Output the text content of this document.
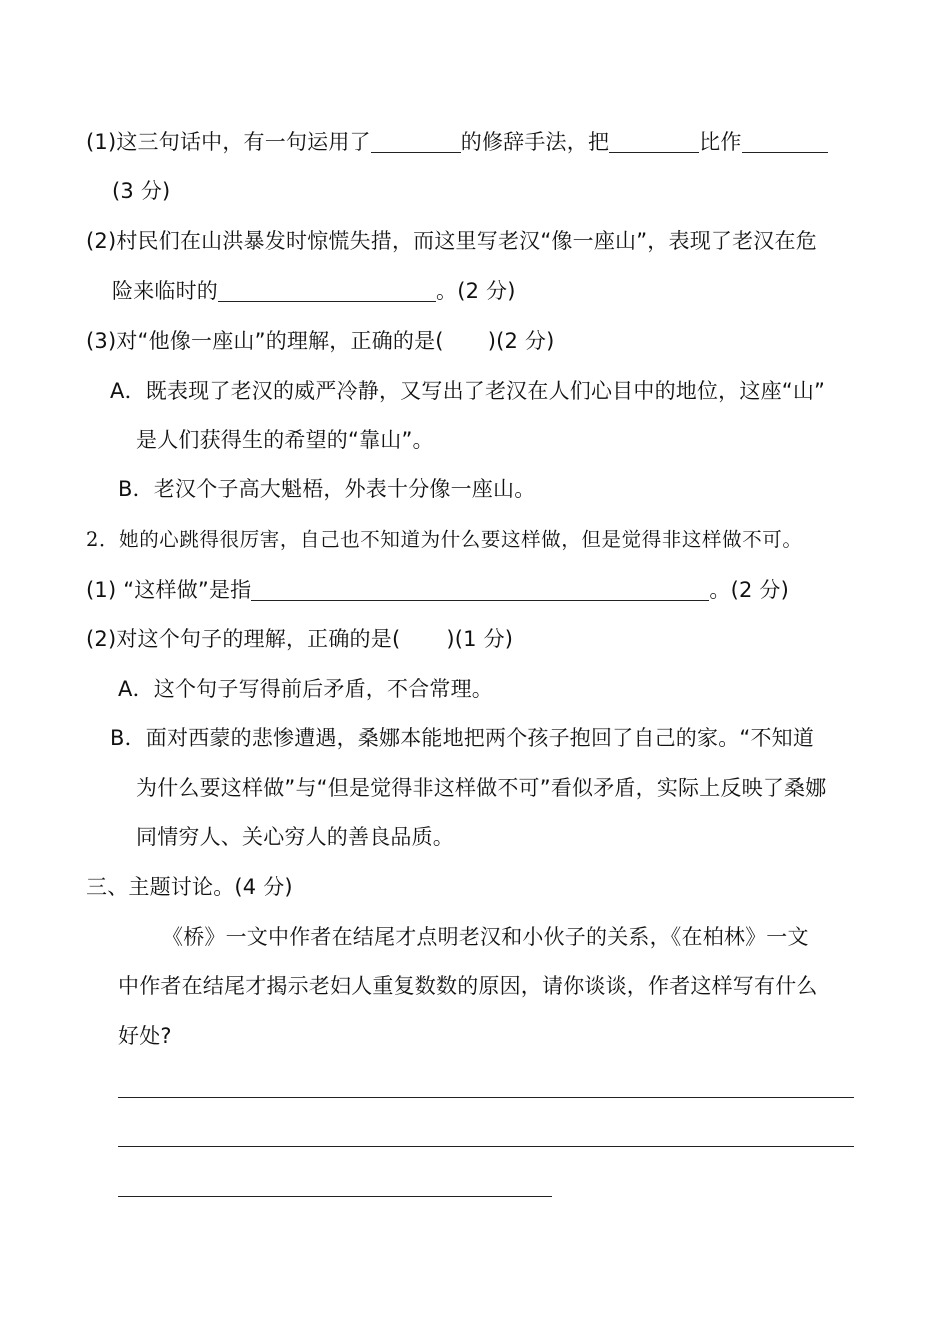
(1)这三句话中，有一句运用了	的修辞手法，把	比作
(3 分)
(2)村民们在山洪暴发时惊慌失措，而这里写老汉“像一座山”，表现了老汉在危
险来临时的	。(2 分)
(3)对“他像一座山”的理解，正确的是( )(2 分)
A．既表现了老汉的威严冷静，又写出了老汉在人们心目中的地位，这座“山”
是人们获得生的希望的“靠山”。
B．老汉个子高大魁梧，外表十分像一座山。
2．她的心跳得很厉害，自己也不知道为什么要这样做，但是觉得非这样做不可。
(1) “这样做”是指	。(2 分)
(2)对这个句子的理解，正确的是( )(1 分)
A．这个句子写得前后矛盾，不合常理。
B．面对西蒙的悲惨遭遇，桑娜本能地把两个孩子抱回了自己的家。“不知道
为什么要这样做”与“但是觉得非这样做不可”看似矛盾，实际上反映了桑娜
同情穷人、关心穷人的善良品质。
三、主题讨论。(4 分)
《桥》一文中作者在结尾才点明老汉和小伙子的关系，《在柏林》一文
中作者在结尾才揭示老妇人重复数数的原因，请你谈谈，作者这样写有什么
好处?
